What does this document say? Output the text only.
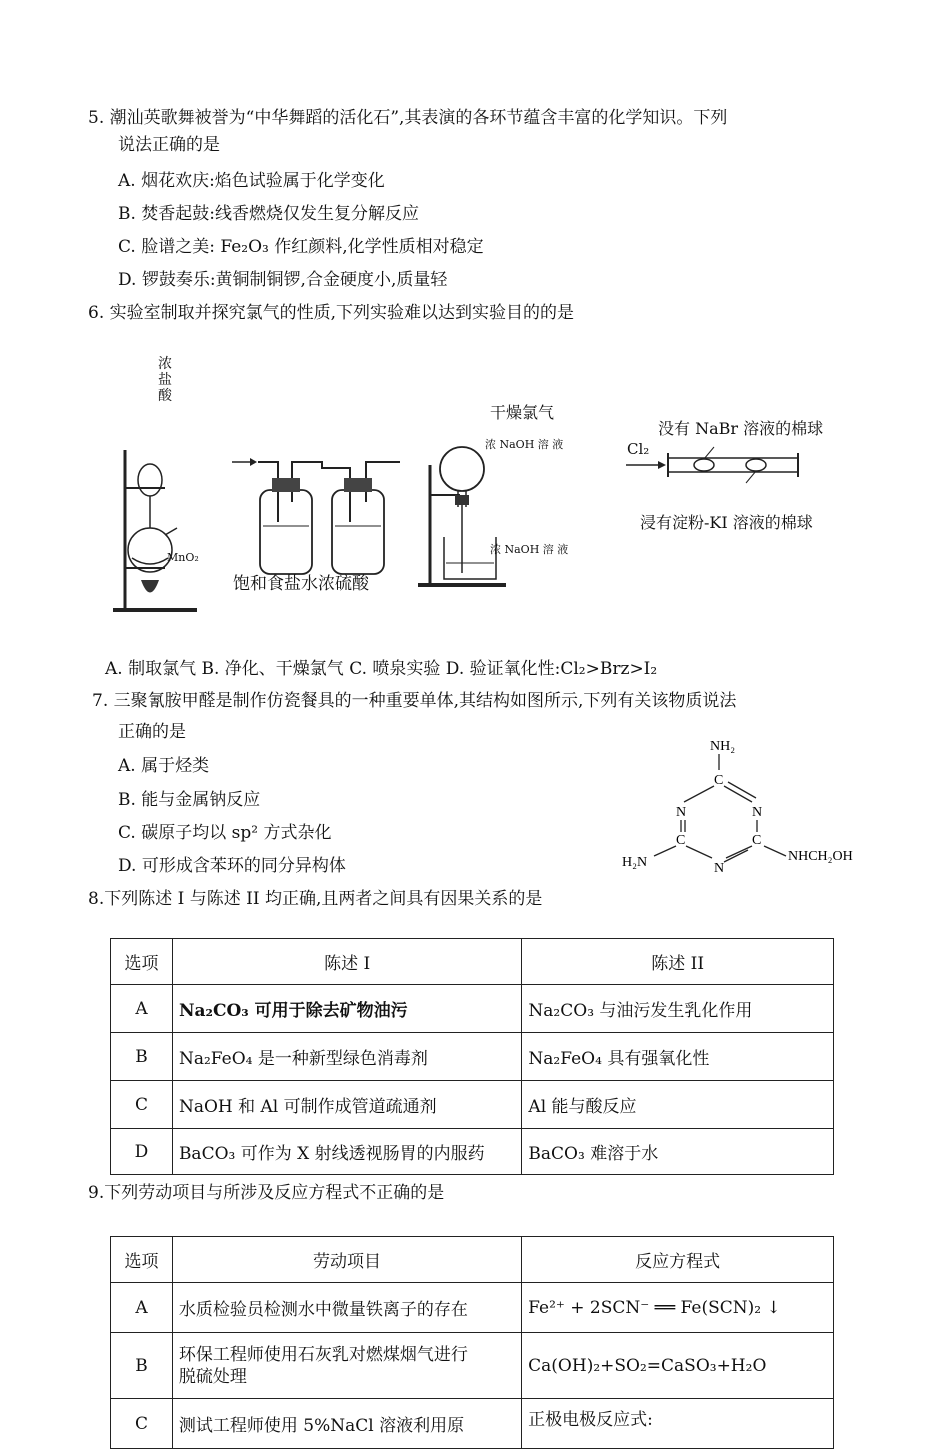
5. 潮汕英歌舞被誉为“中华舞蹈的活化石”,其表演的各环节蕴含丰富的化学知识。下列
说法正确的是
A. 烟花欢庆:焰色试验属于化学变化
B. 焚香起鼓:线香燃烧仅发生复分解反应
C. 脸谱之美: Fe₂O₃ 作红颜料,化学性质相对稳定
D. 锣鼓奏乐:黄铜制铜锣,合金硬度小,质量轻
6. 实验室制取并探究氯气的性质,下列实验难以达到实验目的的是
浓
盐
酸
MnO₂
饱和食盐水浓硫酸
干燥氯气
浓 NaOH 溶 液
浓 NaOH 溶 液
没有 NaBr 溶液的棉球
Cl₂
浸有淀粉-KI 溶液的棉球
A. 制取氯气 B. 净化、干燥氯气 C. 喷泉实验 D. 验证氧化性:Cl₂>Brz>I₂
7. 三聚氰胺甲醛是制作仿瓷餐具的一种重要单体,其结构如图所示,下列有关该物质说法
正确的是
A. 属于烃类
B. 能与金属钠反应
C. 碳原子均以 sp² 方式杂化
D. 可形成含苯环的同分异构体
NH₂
C
N	N
C	C
N
H₂N	NHCH₂OH
8.下列陈述 I 与陈述 II 均正确,且两者之间具有因果关系的是
选项	陈述 I	陈述 II
A	Na₂CO₃ 可用于除去矿物油污	Na₂CO₃ 与油污发生乳化作用
B	Na₂FeO₄ 是一种新型绿色消毒剂	Na₂FeO₄ 具有强氧化性
C	NaOH 和 Al 可制作成管道疏通剂	Al 能与酸反应
D	BaCO₃ 可作为 X 射线透视肠胃的内服药	BaCO₃ 难溶于水
9.下列劳动项目与所涉及反应方程式不正确的是
选项	劳动项目	反应方程式
A	水质检验员检测水中微量铁离子的存在	Fe²⁺ + 2SCN⁻ ══ Fe(SCN)₂ ↓
B	环保工程师使用石灰乳对燃煤烟气进行
脱硫处理	Ca(OH)₂+SO₂=CaSO₃+H₂O
C	测试工程师使用 5%NaCl 溶液利用原	正极电极反应式:
